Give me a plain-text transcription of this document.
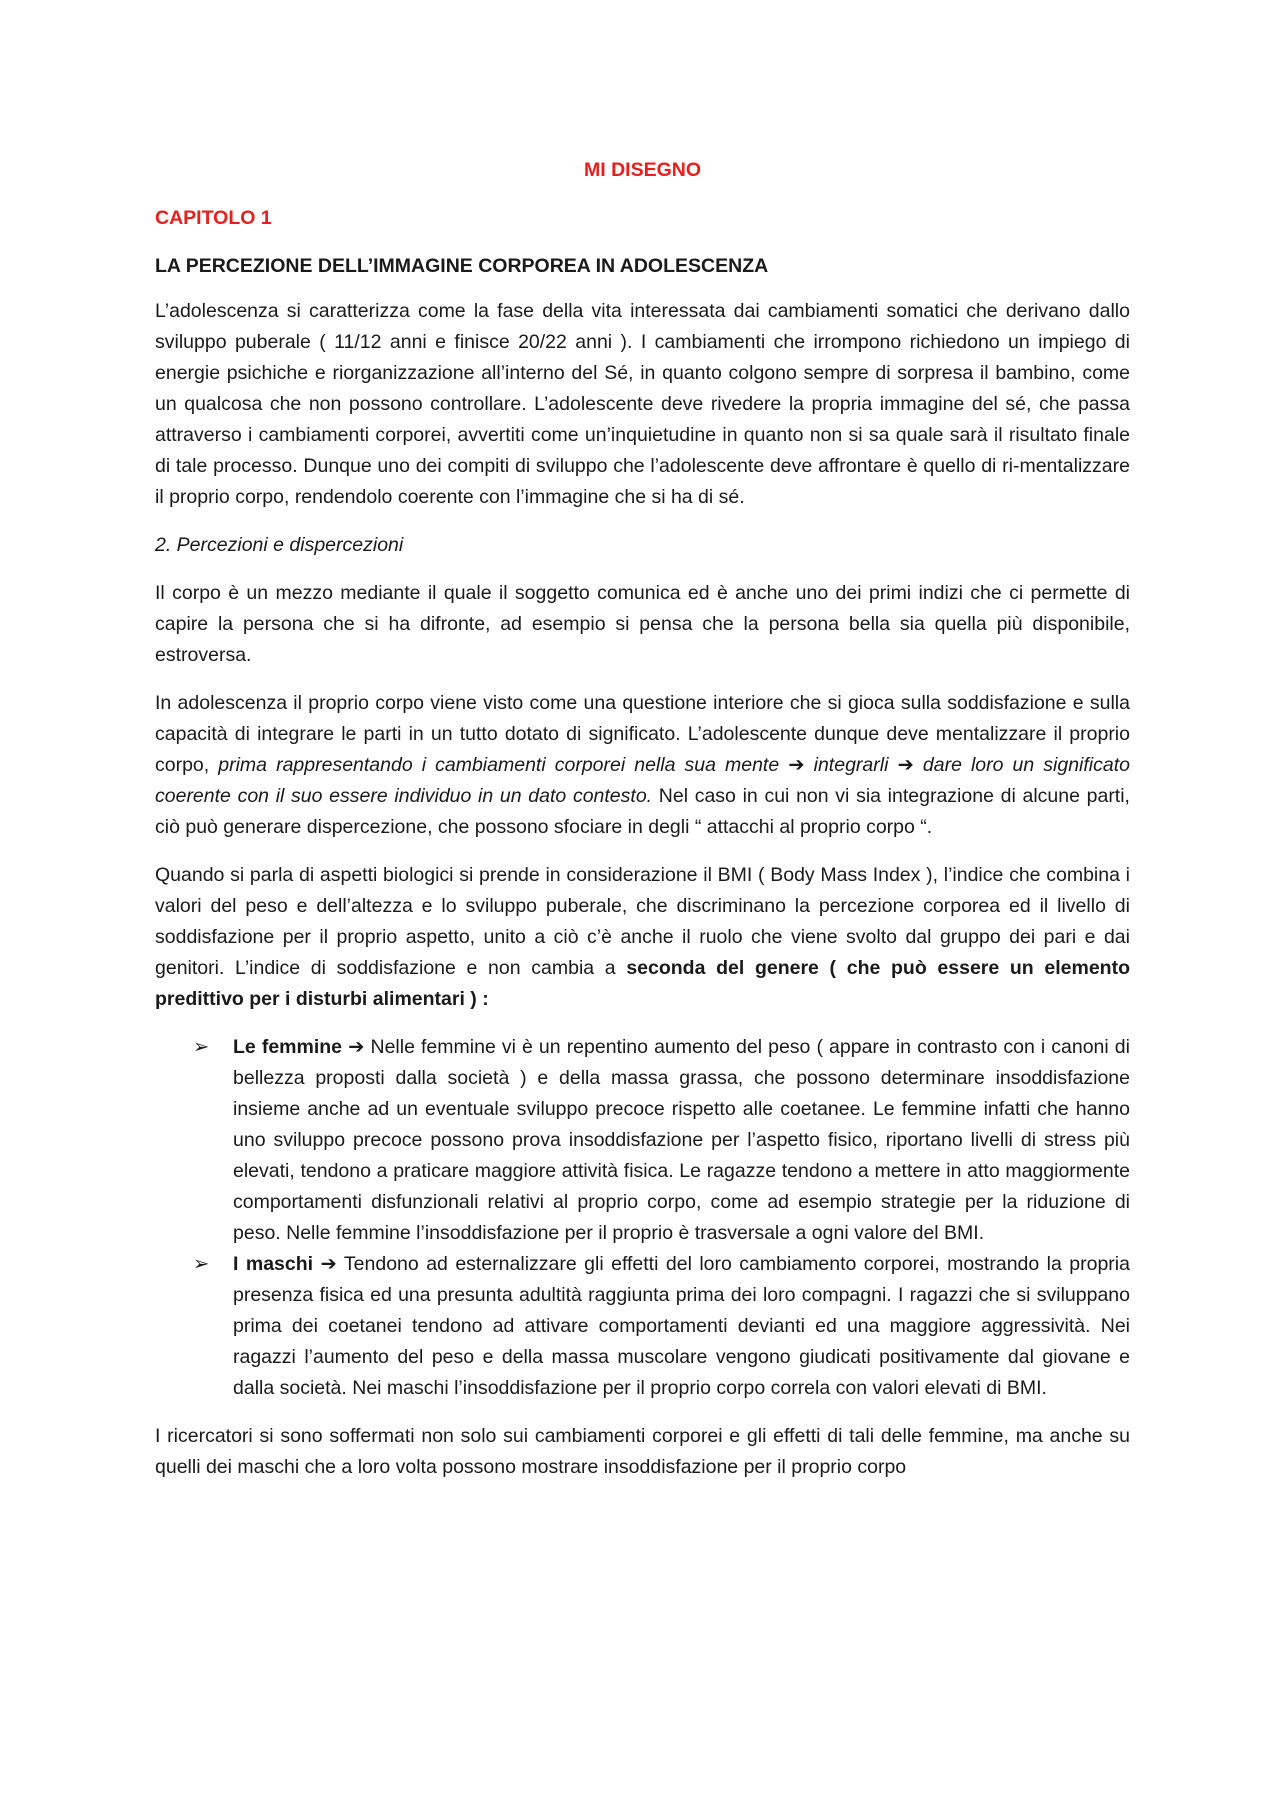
MI DISEGNO
CAPITOLO 1
LA PERCEZIONE DELL’IMMAGINE CORPOREA IN ADOLESCENZA

L’adolescenza si caratterizza come la fase della vita interessata dai cambiamenti somatici che derivano dallo sviluppo puberale ( 11/12 anni e finisce 20/22 anni ). I cambiamenti che irrompono richiedono un impiego di energie psichiche e riorganizzazione all’interno del Sé, in quanto colgono sempre di sorpresa il bambino, come un qualcosa che non possono controllare. L’adolescente deve rivedere la propria immagine del sé, che passa attraverso i cambiamenti corporei, avvertiti come un’inquietudine in quanto non si sa quale sarà il risultato finale di tale processo. Dunque uno dei compiti di sviluppo che l’adolescente deve affrontare è quello di ri-mentalizzare il proprio corpo, rendendolo coerente con l’immagine che si ha di sé.

2. Percezioni e dispercezioni

Il corpo è un mezzo mediante il quale il soggetto comunica ed è anche uno dei primi indizi che ci permette di capire la persona che si ha difronte, ad esempio si pensa che la persona bella sia quella più disponibile, estroversa.

In adolescenza il proprio corpo viene visto come una questione interiore che si gioca sulla soddisfazione e sulla capacità di integrare le parti in un tutto dotato di significato. L’adolescente dunque deve mentalizzare il proprio corpo, prima rappresentando i cambiamenti corporei nella sua mente ➔ integrarli ➔ dare loro un significato coerente con il suo essere individuo in un dato contesto. Nel caso in cui non vi sia integrazione di alcune parti, ciò può generare dispercezione, che possono sfociare in degli “ attacchi al proprio corpo “.

Quando si parla di aspetti biologici si prende in considerazione il BMI ( Body Mass Index ), l’indice che combina i valori del peso e dell’altezza e lo sviluppo puberale, che discriminano la percezione corporea ed il livello di soddisfazione per il proprio aspetto, unito a ciò c’è anche il ruolo che viene svolto dal gruppo dei pari e dai genitori. L’indice di soddisfazione e non cambia a seconda del genere ( che può essere un elemento predittivo per i disturbi alimentari ) :

➢ Le femmine ➔ Nelle femmine vi è un repentino aumento del peso ( appare in contrasto con i canoni di bellezza proposti dalla società ) e della massa grassa, che possono determinare insoddisfazione insieme anche ad un eventuale sviluppo precoce rispetto alle coetanee. Le femmine infatti che hanno uno sviluppo precoce possono prova insoddisfazione per l’aspetto fisico, riportano livelli di stress più elevati, tendono a praticare maggiore attività fisica. Le ragazze tendono a mettere in atto maggiormente comportamenti disfunzionali relativi al proprio corpo, come ad esempio strategie per la riduzione di peso. Nelle femmine l’insoddisfazione per il proprio è trasversale a ogni valore del BMI.
➢ I maschi ➔ Tendono ad esternalizzare gli effetti del loro cambiamento corporei, mostrando la propria presenza fisica ed una presunta adultità raggiunta prima dei loro compagni. I ragazzi che si sviluppano prima dei coetanei tendono ad attivare comportamenti devianti ed una maggiore aggressività. Nei ragazzi l’aumento del peso e della massa muscolare vengono giudicati positivamente dal giovane e dalla società. Nei maschi l’insoddisfazione per il proprio corpo correla con valori elevati di BMI.

I ricercatori si sono soffermati non solo sui cambiamenti corporei e gli effetti di tali delle femmine, ma anche su quelli dei maschi che a loro volta possono mostrare insoddisfazione per il proprio corpo
